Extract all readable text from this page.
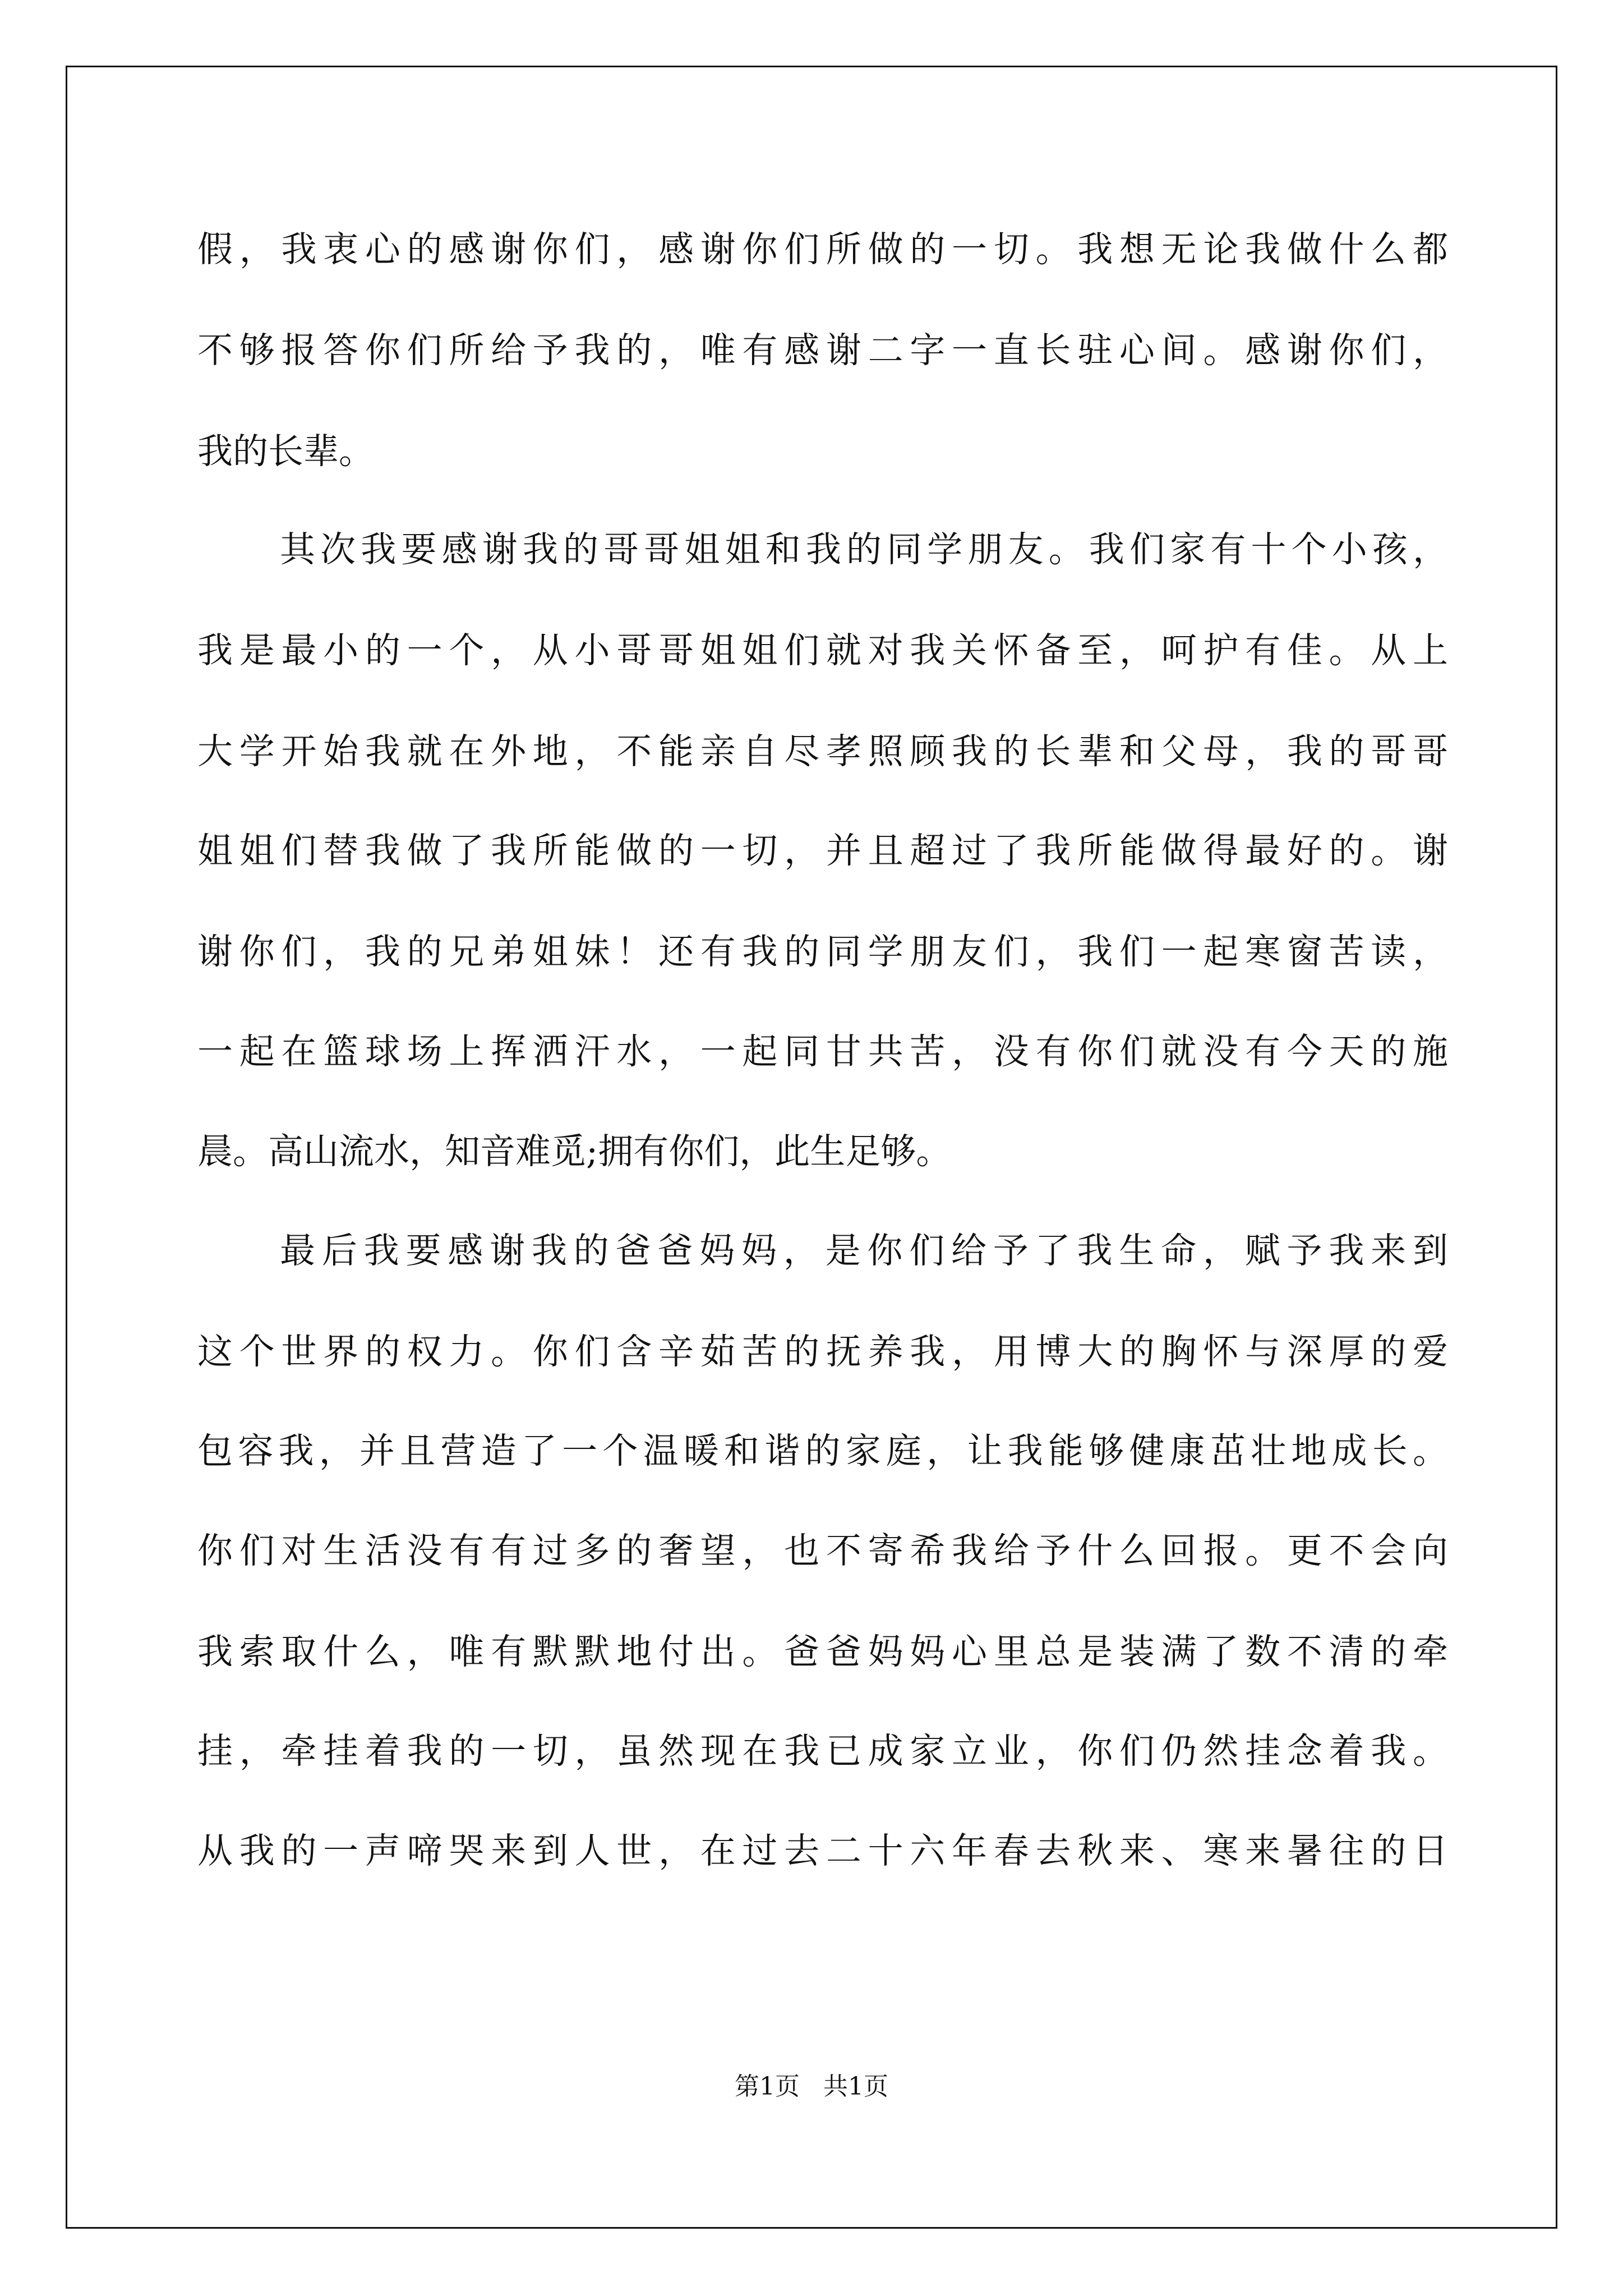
假，我衷心的感谢你们，感谢你们所做的一切。我想无论我做什么都
不够报答你们所给予我的，唯有感谢二字一直长驻心间。感谢你们，
我的长辈。
其次我要感谢我的哥哥姐姐和我的同学朋友。我们家有十个小孩，
我是最小的一个，从小哥哥姐姐们就对我关怀备至，呵护有佳。从上
大学开始我就在外地，不能亲自尽孝照顾我的长辈和父母，我的哥哥
姐姐们替我做了我所能做的一切，并且超过了我所能做得最好的。谢
谢你们，我的兄弟姐妹！还有我的同学朋友们，我们一起寒窗苦读，
一起在篮球场上挥洒汗水，一起同甘共苦，没有你们就没有今天的施
晨。高山流水，知音难觅;拥有你们，此生足够。
最后我要感谢我的爸爸妈妈，是你们给予了我生命，赋予我来到
这个世界的权力。你们含辛茹苦的抚养我，用博大的胸怀与深厚的爱
包容我，并且营造了一个温暖和谐的家庭，让我能够健康茁壮地成长。
你们对生活没有有过多的奢望，也不寄希我给予什么回报。更不会向
我索取什么，唯有默默地付出。爸爸妈妈心里总是装满了数不清的牵
挂，牵挂着我的一切，虽然现在我已成家立业，你们仍然挂念着我。
从我的一声啼哭来到人世，在过去二十六年春去秋来、寒来暑往的日
第1页 共1页
